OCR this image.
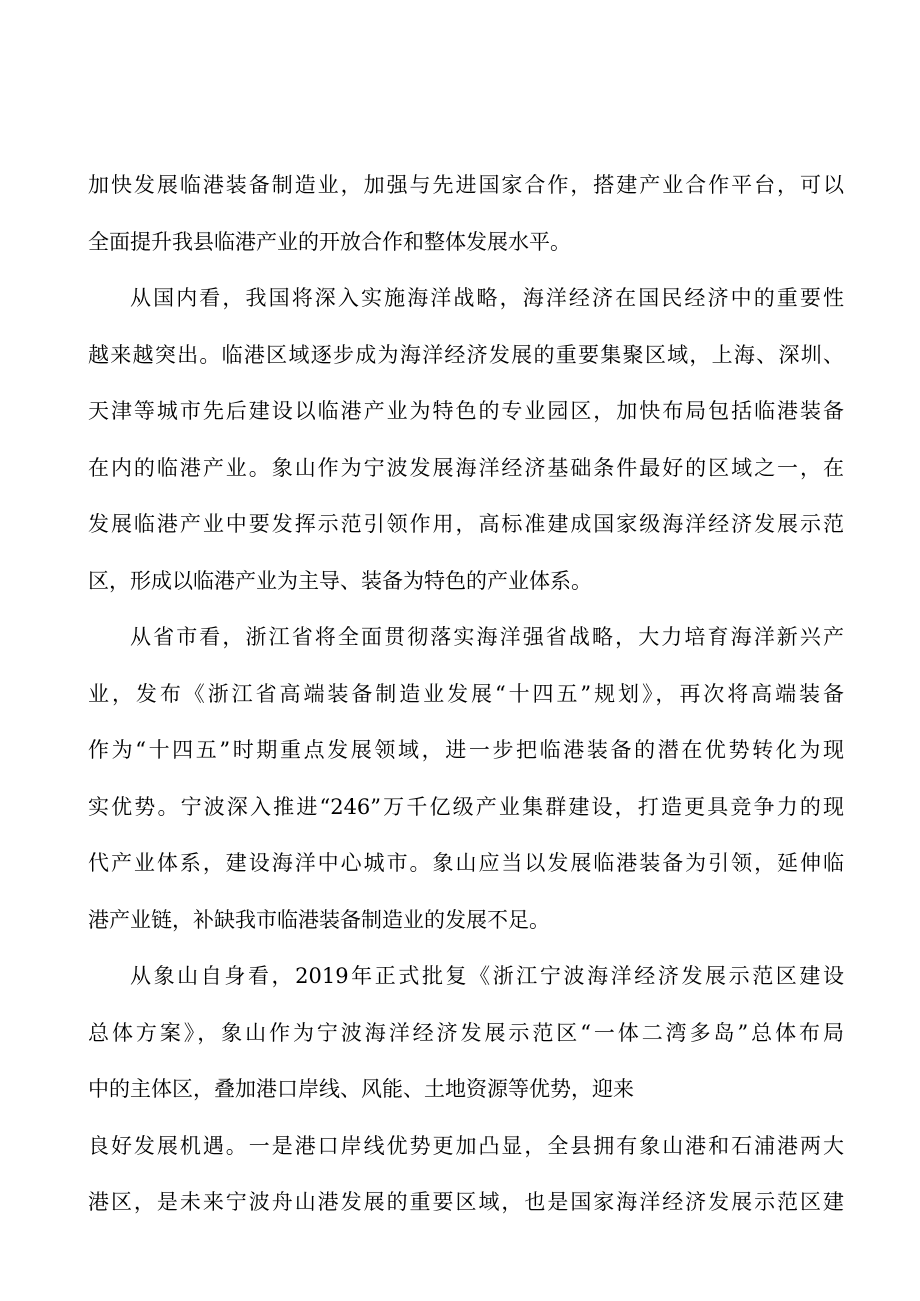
加快发展临港装备制造业，加强与先进国家合作，搭建产业合作平台，可以
全面提升我县临港产业的开放合作和整体发展水平。
从国内看，我国将深入实施海洋战略，海洋经济在国民经济中的重要性
越来越突出。临港区域逐步成为海洋经济发展的重要集聚区域，上海、深圳、
天津等城市先后建设以临港产业为特色的专业园区，加快布局包括临港装备
在内的临港产业。象山作为宁波发展海洋经济基础条件最好的区域之一，在
发展临港产业中要发挥示范引领作用，高标准建成国家级海洋经济发展示范
区，形成以临港产业为主导、装备为特色的产业体系。
从省市看，浙江省将全面贯彻落实海洋强省战略，大力培育海洋新兴产
业，发布《浙江省高端装备制造业发展“十四五”规划》，再次将高端装备
作为“十四五”时期重点发展领域，进一步把临港装备的潜在优势转化为现
实优势。宁波深入推进“246”万千亿级产业集群建设，打造更具竞争力的现
代产业体系，建设海洋中心城市。象山应当以发展临港装备为引领，延伸临
港产业链，补缺我市临港装备制造业的发展不足。
从象山自身看，2019年正式批复《浙江宁波海洋经济发展示范区建设
总体方案》，象山作为宁波海洋经济发展示范区“一体二湾多岛”总体布局
中的主体区，叠加港口岸线、风能、土地资源等优势，迎来
良好发展机遇。一是港口岸线优势更加凸显，全县拥有象山港和石浦港两大
港区，是未来宁波舟山港发展的重要区域，也是国家海洋经济发展示范区建
